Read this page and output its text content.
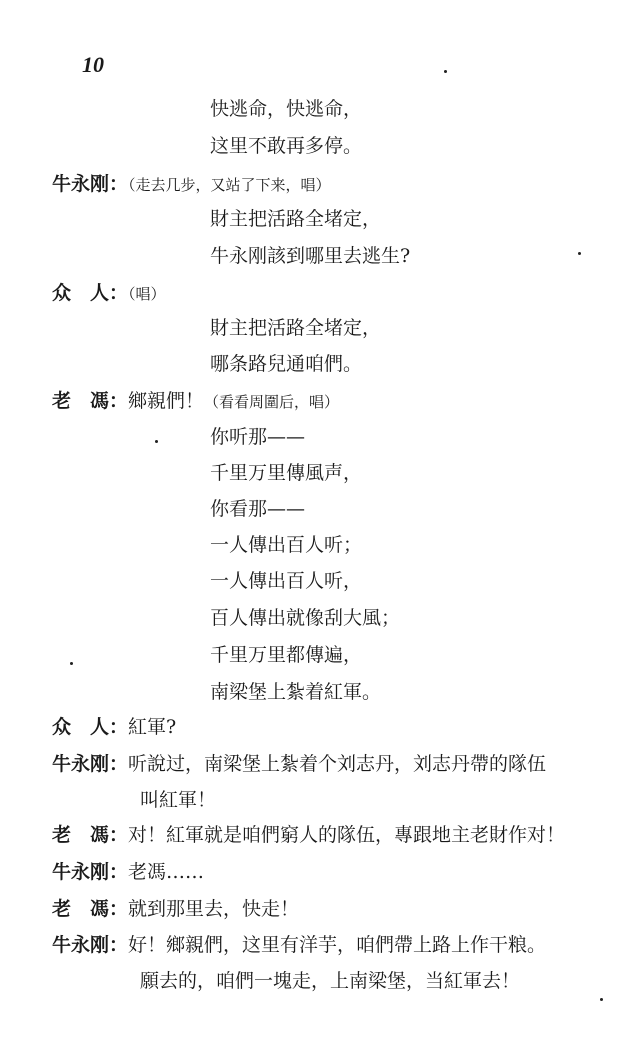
10
快逃命，快逃命，
这里不敢再多停。
牛永刚：（走去几步，又站了下来，唱）
財主把活路全堵定，
牛永刚該到哪里去逃生?
众　人：（唱）
財主把活路全堵定，
哪条路兒通咱們。
老　馮：鄉親們！（看看周圍后，唱）
你听那——
千里万里傳風声，
你看那——
一人傳出百人听；
一人傳出百人听，
百人傳出就像刮大風；
千里万里都傳遍，
南梁堡上紮着紅軍。
众　人：紅軍?
牛永刚：听說过，南梁堡上紮着个刘志丹，刘志丹帶的隊伍
叫紅軍！
老　馮：对！紅軍就是咱們窮人的隊伍，專跟地主老財作对！
牛永刚：老馮……
老　馮：就到那里去，快走！
牛永刚：好！鄉親們，这里有洋芋，咱們帶上路上作干粮。
願去的，咱們一塊走，上南梁堡，当紅軍去！
